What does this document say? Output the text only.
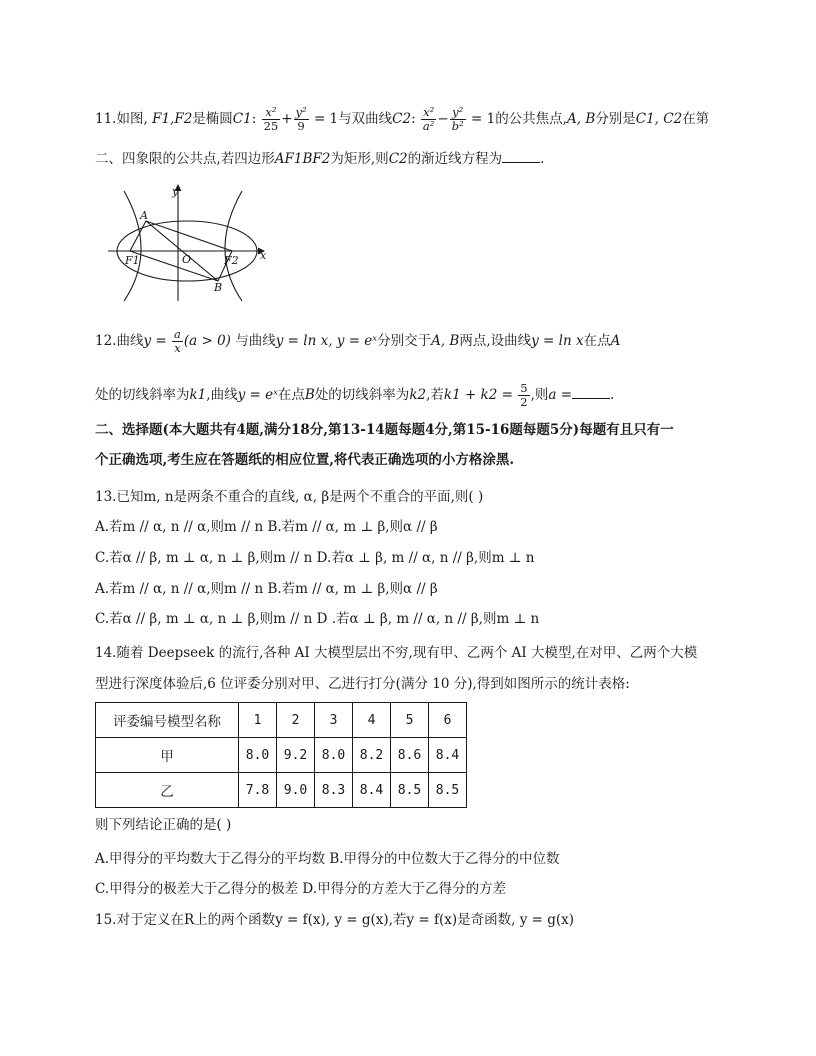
11.如图, F1,F2是椭圆C1: $\frac{\text{x²}}{25} + \frac{\text{y²}}{9} = 1$与双曲线C2: $\frac{\text{x²}}{\text{a²}} - \frac{\text{y²}}{\text{b²}} = 1$的公共焦点,A, B分别是C1, C2在第
二、四象限的公共点,若四边形AF1BF2为矩形,则C2的渐近线方程为	.
y
x
A
B
O
F1	F2
12.曲线$y = \frac{a}{x} (a > 0)$ 与曲线y = ln x, y = eˣ分别交于A, B两点,设曲线y = ln x在点A
处的切线斜率为k1,曲线y = eˣ在点B处的切线斜率为k2,若$k1 + k2 = \frac{5}{2}$ ,则a =	.
二、选择题(本大题共有4题,满分18分,第13-14题每题4分,第15-16题每题5分)每题有且只有一
个正确选项,考生应在答题纸的相应位置,将代表正确选项的小方格涂黑.
13.已知m, n是两条不重合的直线, α, β是两个不重合的平面,则( )
A.若m // α, n // α,则m // n B.若m // α, m ⊥ β,则α // β
C.若α // β, m ⊥ α, n ⊥ β,则m // n D.若α ⊥ β, m // α, n // β,则m ⊥ n
A.若m // α, n // α,则m // n B.若m // α, m ⊥ β,则α // β
C.若α // β, m ⊥ α, n ⊥ β,则m // n D .若α ⊥ β, m // α, n // β,则m ⊥ n
14.随着 Deepseek 的流行,各种 AI 大模型层出不穷,现有甲、乙两个 AI 大模型,在对甲、乙两个大模
型进行深度体验后,6 位评委分别对甲、乙进行打分(满分 10 分),得到如图所示的统计表格:
评委编号模型名称	1	2	3	4	5	6
甲	8.0	9.2	8.0	8.2	8.6	8.4
乙	7.8	9.0	8.3	8.4	8.5	8.5
则下列结论正确的是( )
A.甲得分的平均数大于乙得分的平均数 B.甲得分的中位数大于乙得分的中位数
C.甲得分的极差大于乙得分的极差 D.甲得分的方差大于乙得分的方差
15.对于定义在R上的两个函数y = f(x), y = g(x),若y = f(x)是奇函数, y = g(x)
